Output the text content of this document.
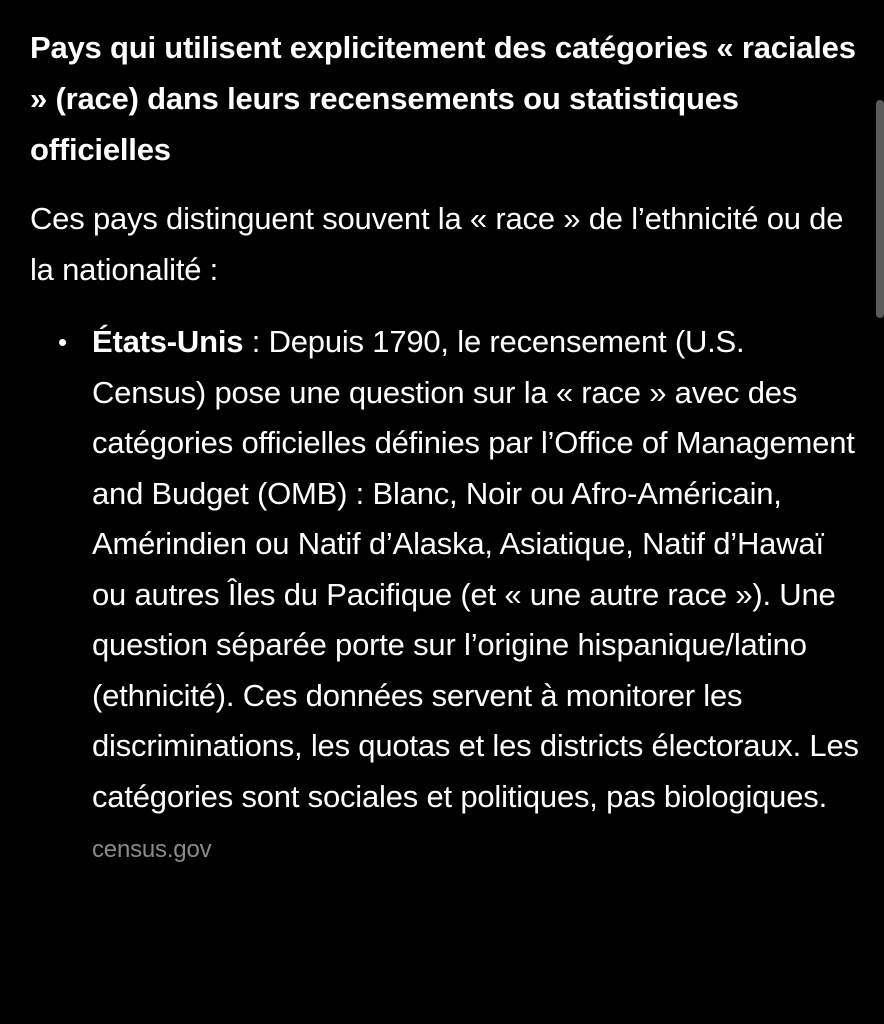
Pays qui utilisent explicitement des catégories « raciales » (race) dans leurs recensements ou statistiques officielles

Ces pays distinguent souvent la « race » de l’ethnicité ou de la nationalité :

• États-Unis : Depuis 1790, le recensement (U.S. Census) pose une question sur la « race » avec des catégories officielles définies par l’Office of Management and Budget (OMB) : Blanc, Noir ou Afro-Américain, Amérindien ou Natif d’Alaska, Asiatique, Natif d’Hawaï ou autres Îles du Pacifique (et « une autre race »). Une question séparée porte sur l’origine hispanique/latino (ethnicité). Ces données servent à monitorer les discriminations, les quotas et les districts électoraux. Les catégories sont sociales et politiques, pas biologiques. census.gov
